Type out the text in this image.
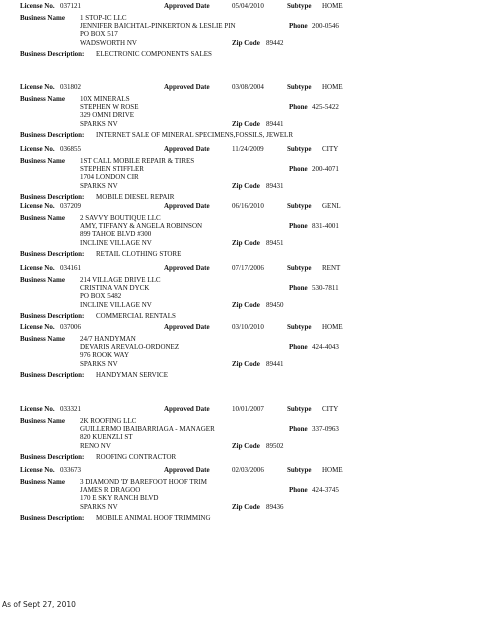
License No. 037121	Approved Date	05/04/2010	Subtype HOME
Business Name 1 STOP-IC LLC
JENNIFER BAICHTAL-PINKERTON & LESLIE PIN	Phone 200-0546
PO BOX 517
WADSWORTH NV	Zip Code 89442
Business Description: ELECTRONIC COMPONENTS SALES
License No. 031802	Approved Date	03/08/2004	Subtype HOME
Business Name 10X MINERALS
STEPHEN W ROSE	Phone 425-5422
329 OMNI DRIVE
SPARKS NV	Zip Code 89441
Business Description: INTERNET SALE OF MINERAL SPECIMENS,FOSSILS, JEWELR
License No. 036855	Approved Date	11/24/2009	Subtype CITY
Business Name 1ST CALL MOBILE REPAIR & TIRES
STEPHEN STIFFLER	Phone 200-4071
1704 LONDON CIR
SPARKS NV	Zip Code 89431
Business Description: MOBILE DIESEL REPAIR
License No. 037209	Approved Date	06/16/2010	Subtype GENL
Business Name 2 SAVVY BOUTIQUE LLC
AMY, TIFFANY & ANGELA ROBINSON	Phone 831-4001
899 TAHOE BLVD #300
INCLINE VILLAGE NV	Zip Code 89451
Business Description: RETAIL CLOTHING STORE
License No. 034161	Approved Date	07/17/2006	Subtype RENT
Business Name 214 VILLAGE DRIVE LLC
CRISTINA VAN DYCK	Phone 530-7811
PO BOX 5482
INCLINE VILLAGE NV	Zip Code 89450
Business Description: COMMERCIAL RENTALS
License No. 037006	Approved Date	03/10/2010	Subtype HOME
Business Name 24/7 HANDYMAN
DEVARIS AREVALO-ORDONEZ	Phone 424-4043
976 ROOK WAY
SPARKS NV	Zip Code 89441
Business Description: HANDYMAN SERVICE
License No. 033321	Approved Date	10/01/2007	Subtype CITY
Business Name 2K ROOFING LLC
GUILLERMO IBAIBARRIAGA - MANAGER	Phone 337-0963
820 KUENZLI ST
RENO NV	Zip Code 89502
Business Description: ROOFING CONTRACTOR
License No. 033673	Approved Date	02/03/2006	Subtype HOME
Business Name 3 DIAMOND 'D' BAREFOOT HOOF TRIM
JAMES R DRAGOO	Phone 424-3745
170 E SKY RANCH BLVD
SPARKS NV	Zip Code 89436
Business Description: MOBILE ANIMAL HOOF TRIMMING
As of Sept 27, 2010
